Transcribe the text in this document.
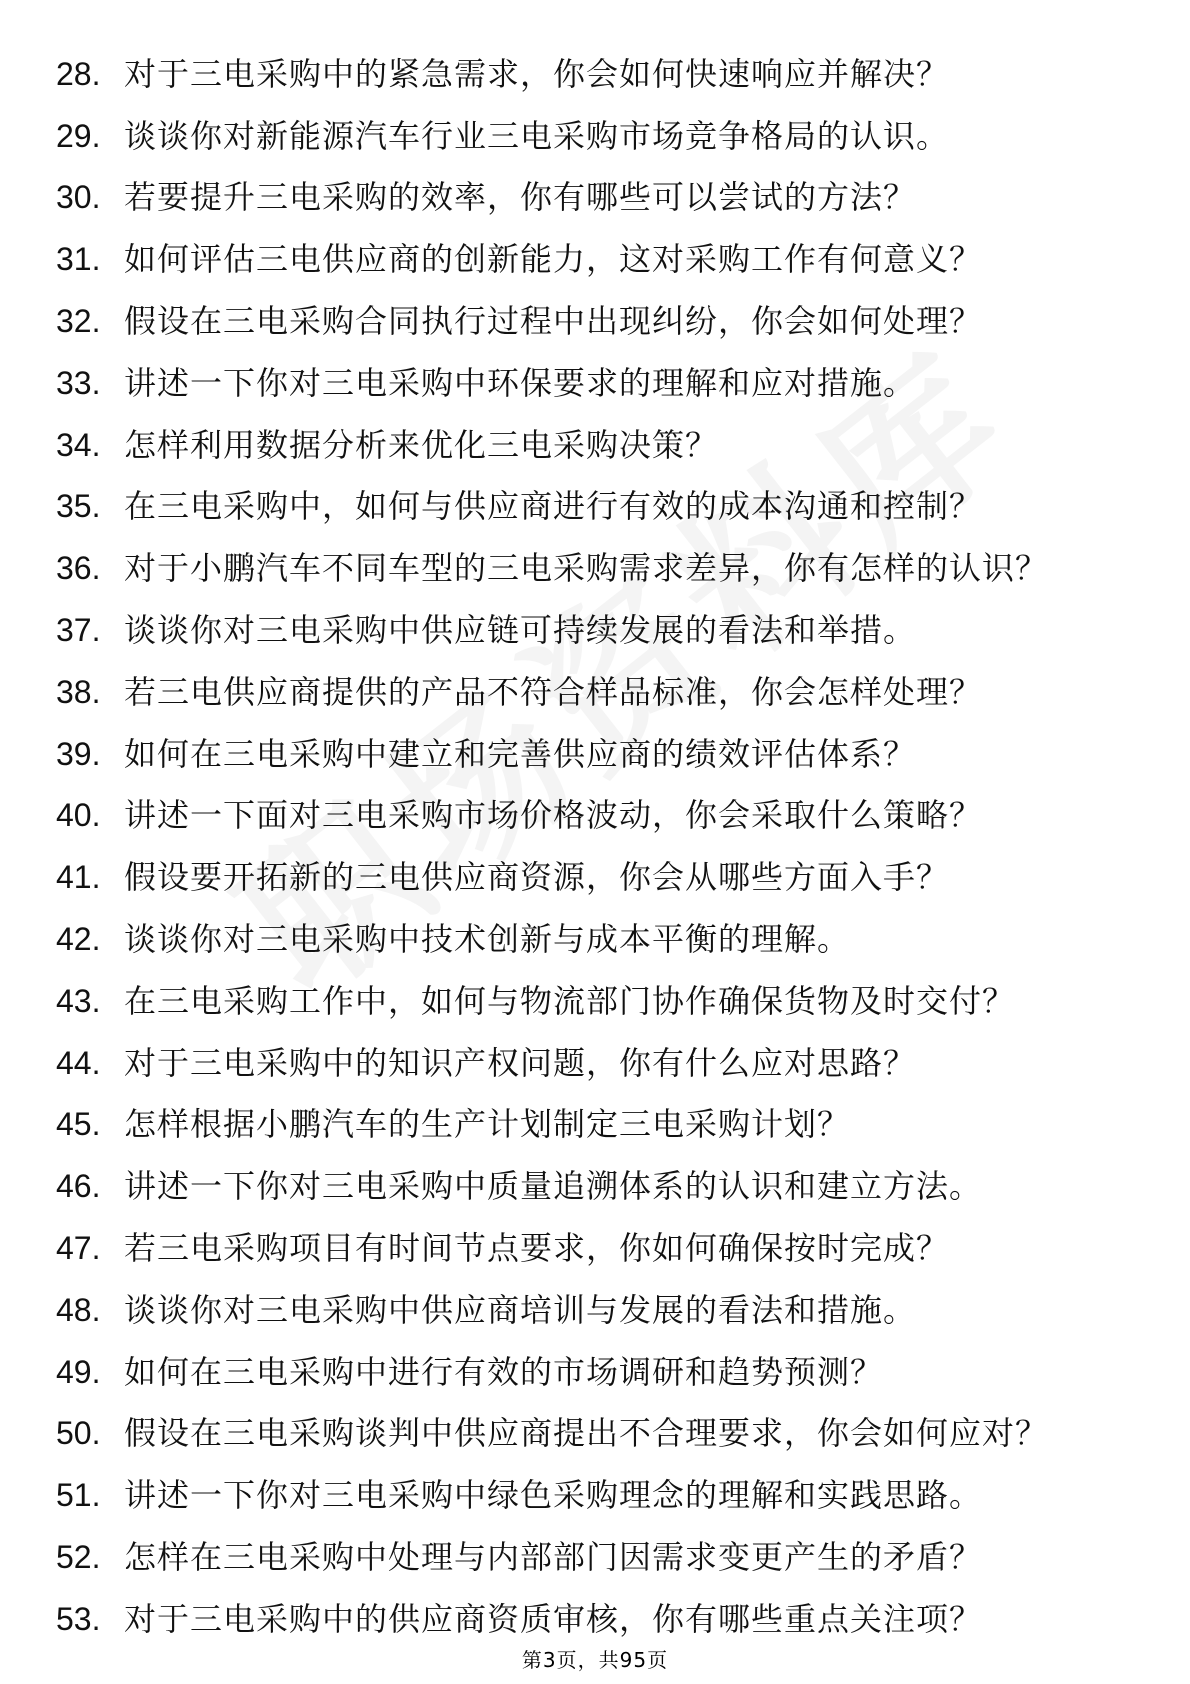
28. 对于三电采购中的紧急需求，你会如何快速响应并解决？
29. 谈谈你对新能源汽车行业三电采购市场竞争格局的认识。
30. 若要提升三电采购的效率，你有哪些可以尝试的方法？
31. 如何评估三电供应商的创新能力，这对采购工作有何意义？
32. 假设在三电采购合同执行过程中出现纠纷，你会如何处理？
33. 讲述一下你对三电采购中环保要求的理解和应对措施。
34. 怎样利用数据分析来优化三电采购决策？
35. 在三电采购中，如何与供应商进行有效的成本沟通和控制？
36. 对于小鹏汽车不同车型的三电采购需求差异，你有怎样的认识？
37. 谈谈你对三电采购中供应链可持续发展的看法和举措。
38. 若三电供应商提供的产品不符合样品标准，你会怎样处理？
39. 如何在三电采购中建立和完善供应商的绩效评估体系？
40. 讲述一下面对三电采购市场价格波动，你会采取什么策略？
41. 假设要开拓新的三电供应商资源，你会从哪些方面入手？
42. 谈谈你对三电采购中技术创新与成本平衡的理解。
43. 在三电采购工作中，如何与物流部门协作确保货物及时交付？
44. 对于三电采购中的知识产权问题，你有什么应对思路？
45. 怎样根据小鹏汽车的生产计划制定三电采购计划？
46. 讲述一下你对三电采购中质量追溯体系的认识和建立方法。
47. 若三电采购项目有时间节点要求，你如何确保按时完成？
48. 谈谈你对三电采购中供应商培训与发展的看法和措施。
49. 如何在三电采购中进行有效的市场调研和趋势预测？
50. 假设在三电采购谈判中供应商提出不合理要求，你会如何应对？
51. 讲述一下你对三电采购中绿色采购理念的理解和实践思路。
52. 怎样在三电采购中处理与内部部门因需求变更产生的矛盾？
53. 对于三电采购中的供应商资质审核，你有哪些重点关注项？
第3页，共95页
